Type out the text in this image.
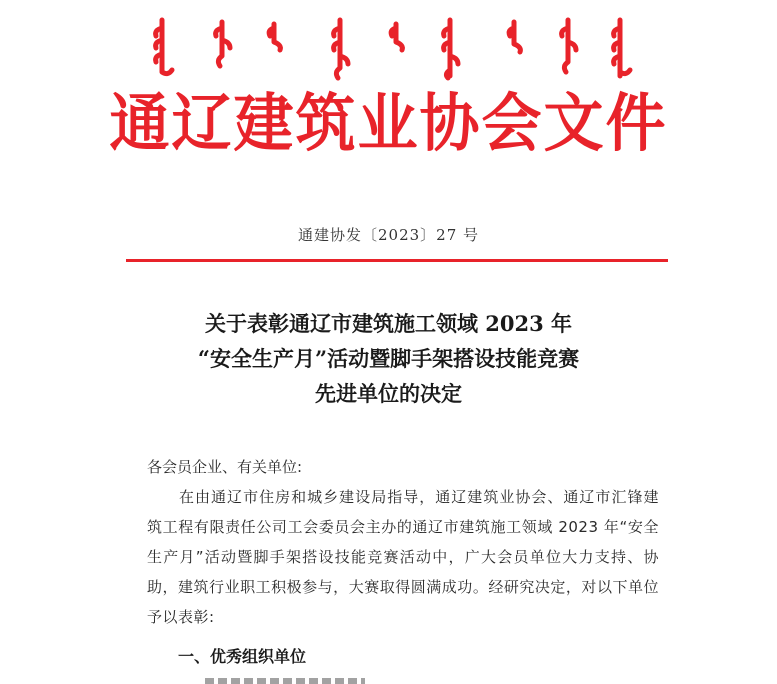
通辽建筑业协会文件
通建协发〔2023〕27 号
关于表彰通辽市建筑施工领域 2023 年
“安全生产月”活动暨脚手架搭设技能竞赛
先进单位的决定
各会员企业、有关单位:
在由通辽市住房和城乡建设局指导，通辽建筑业协会、通辽市汇锋建筑工程有限责任公司工会委员会主办的通辽市建筑施工领域 2023 年“安全生产月”活动暨脚手架搭设技能竞赛活动中，广大会员单位大力支持、协助，建筑行业职工积极参与，大赛取得圆满成功。经研究决定，对以下单位予以表彰:
一、优秀组织单位
